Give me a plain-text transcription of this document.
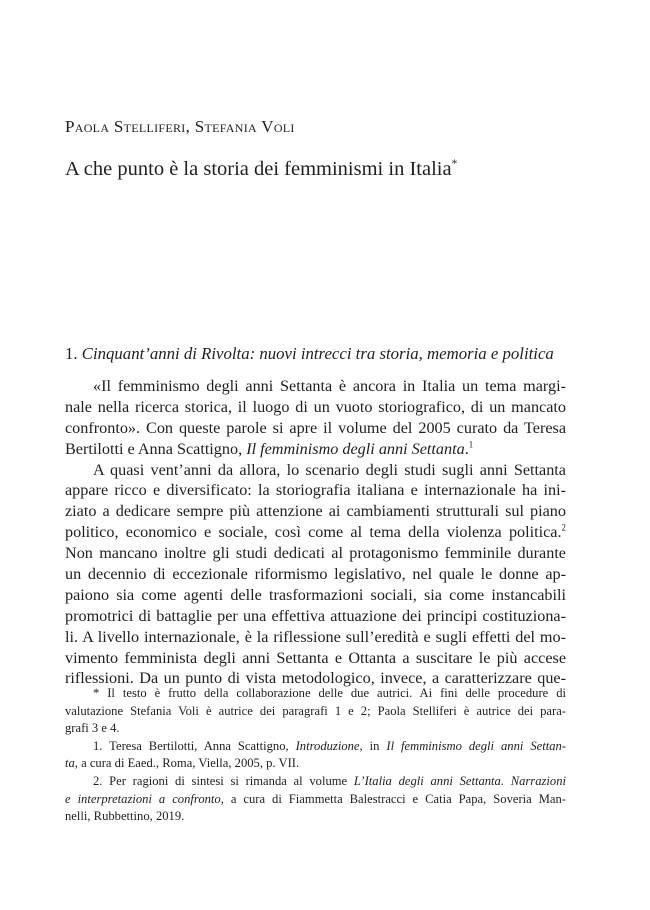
Paola Stelliferi, Stefania Voli
A che punto è la storia dei femminismi in Italia*
1. Cinquant’anni di Rivolta: nuovi intrecci tra storia, memoria e politica
«Il femminismo degli anni Settanta è ancora in Italia un tema margi-
nale nella ricerca storica, il luogo di un vuoto storiografico, di un mancato
confronto». Con queste parole si apre il volume del 2005 curato da Teresa
Bertilotti e Anna Scattigno, Il femminismo degli anni Settanta.$^1$
A quasi vent’anni da allora, lo scenario degli studi sugli anni Settanta
appare ricco e diversificato: la storiografia italiana e internazionale ha ini-
ziato a dedicare sempre più attenzione ai cambiamenti strutturali sul piano
politico, economico e sociale, così come al tema della violenza politica.$^2$
Non mancano inoltre gli studi dedicati al protagonismo femminile durante
un decennio di eccezionale riformismo legislativo, nel quale le donne ap-
paiono sia come agenti delle trasformazioni sociali, sia come instancabili
promotrici di battaglie per una effettiva attuazione dei principi costituziona-
li. A livello internazionale, è la riflessione sull’eredità e sugli effetti del mo-
vimento femminista degli anni Settanta e Ottanta a suscitare le più accese
riflessioni. Da un punto di vista metodologico, invece, a caratterizzare que-
* Il testo è frutto della collaborazione delle due autrici. Ai fini delle procedure di
valutazione Stefania Voli è autrice dei paragrafi 1 e 2; Paola Stelliferi è autrice dei para-
grafi 3 e 4.
1. Teresa Bertilotti, Anna Scattigno, Introduzione, in Il femminismo degli anni Settan-
ta, a cura di Eaed., Roma, Viella, 2005, p. VII.
2. Per ragioni di sintesi si rimanda al volume L’Italia degli anni Settanta. Narrazioni
e interpretazioni a confronto, a cura di Fiammetta Balestracci e Catia Papa, Soveria Man-
nelli, Rubbettino, 2019.
